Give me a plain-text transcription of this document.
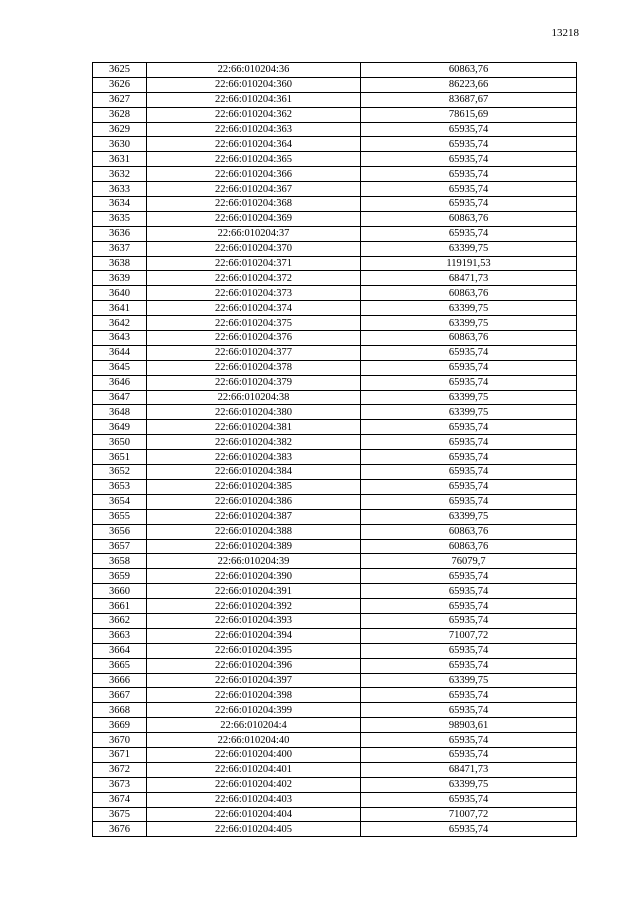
13218
3625	22:66:010204:36	60863,76
3626	22:66:010204:360	86223,66
3627	22:66:010204:361	83687,67
3628	22:66:010204:362	78615,69
3629	22:66:010204:363	65935,74
3630	22:66:010204:364	65935,74
3631	22:66:010204:365	65935,74
3632	22:66:010204:366	65935,74
3633	22:66:010204:367	65935,74
3634	22:66:010204:368	65935,74
3635	22:66:010204:369	60863,76
3636	22:66:010204:37	65935,74
3637	22:66:010204:370	63399,75
3638	22:66:010204:371	119191,53
3639	22:66:010204:372	68471,73
3640	22:66:010204:373	60863,76
3641	22:66:010204:374	63399,75
3642	22:66:010204:375	63399,75
3643	22:66:010204:376	60863,76
3644	22:66:010204:377	65935,74
3645	22:66:010204:378	65935,74
3646	22:66:010204:379	65935,74
3647	22:66:010204:38	63399,75
3648	22:66:010204:380	63399,75
3649	22:66:010204:381	65935,74
3650	22:66:010204:382	65935,74
3651	22:66:010204:383	65935,74
3652	22:66:010204:384	65935,74
3653	22:66:010204:385	65935,74
3654	22:66:010204:386	65935,74
3655	22:66:010204:387	63399,75
3656	22:66:010204:388	60863,76
3657	22:66:010204:389	60863,76
3658	22:66:010204:39	76079,7
3659	22:66:010204:390	65935,74
3660	22:66:010204:391	65935,74
3661	22:66:010204:392	65935,74
3662	22:66:010204:393	65935,74
3663	22:66:010204:394	71007,72
3664	22:66:010204:395	65935,74
3665	22:66:010204:396	65935,74
3666	22:66:010204:397	63399,75
3667	22:66:010204:398	65935,74
3668	22:66:010204:399	65935,74
3669	22:66:010204:4	98903,61
3670	22:66:010204:40	65935,74
3671	22:66:010204:400	65935,74
3672	22:66:010204:401	68471,73
3673	22:66:010204:402	63399,75
3674	22:66:010204:403	65935,74
3675	22:66:010204:404	71007,72
3676	22:66:010204:405	65935,74
